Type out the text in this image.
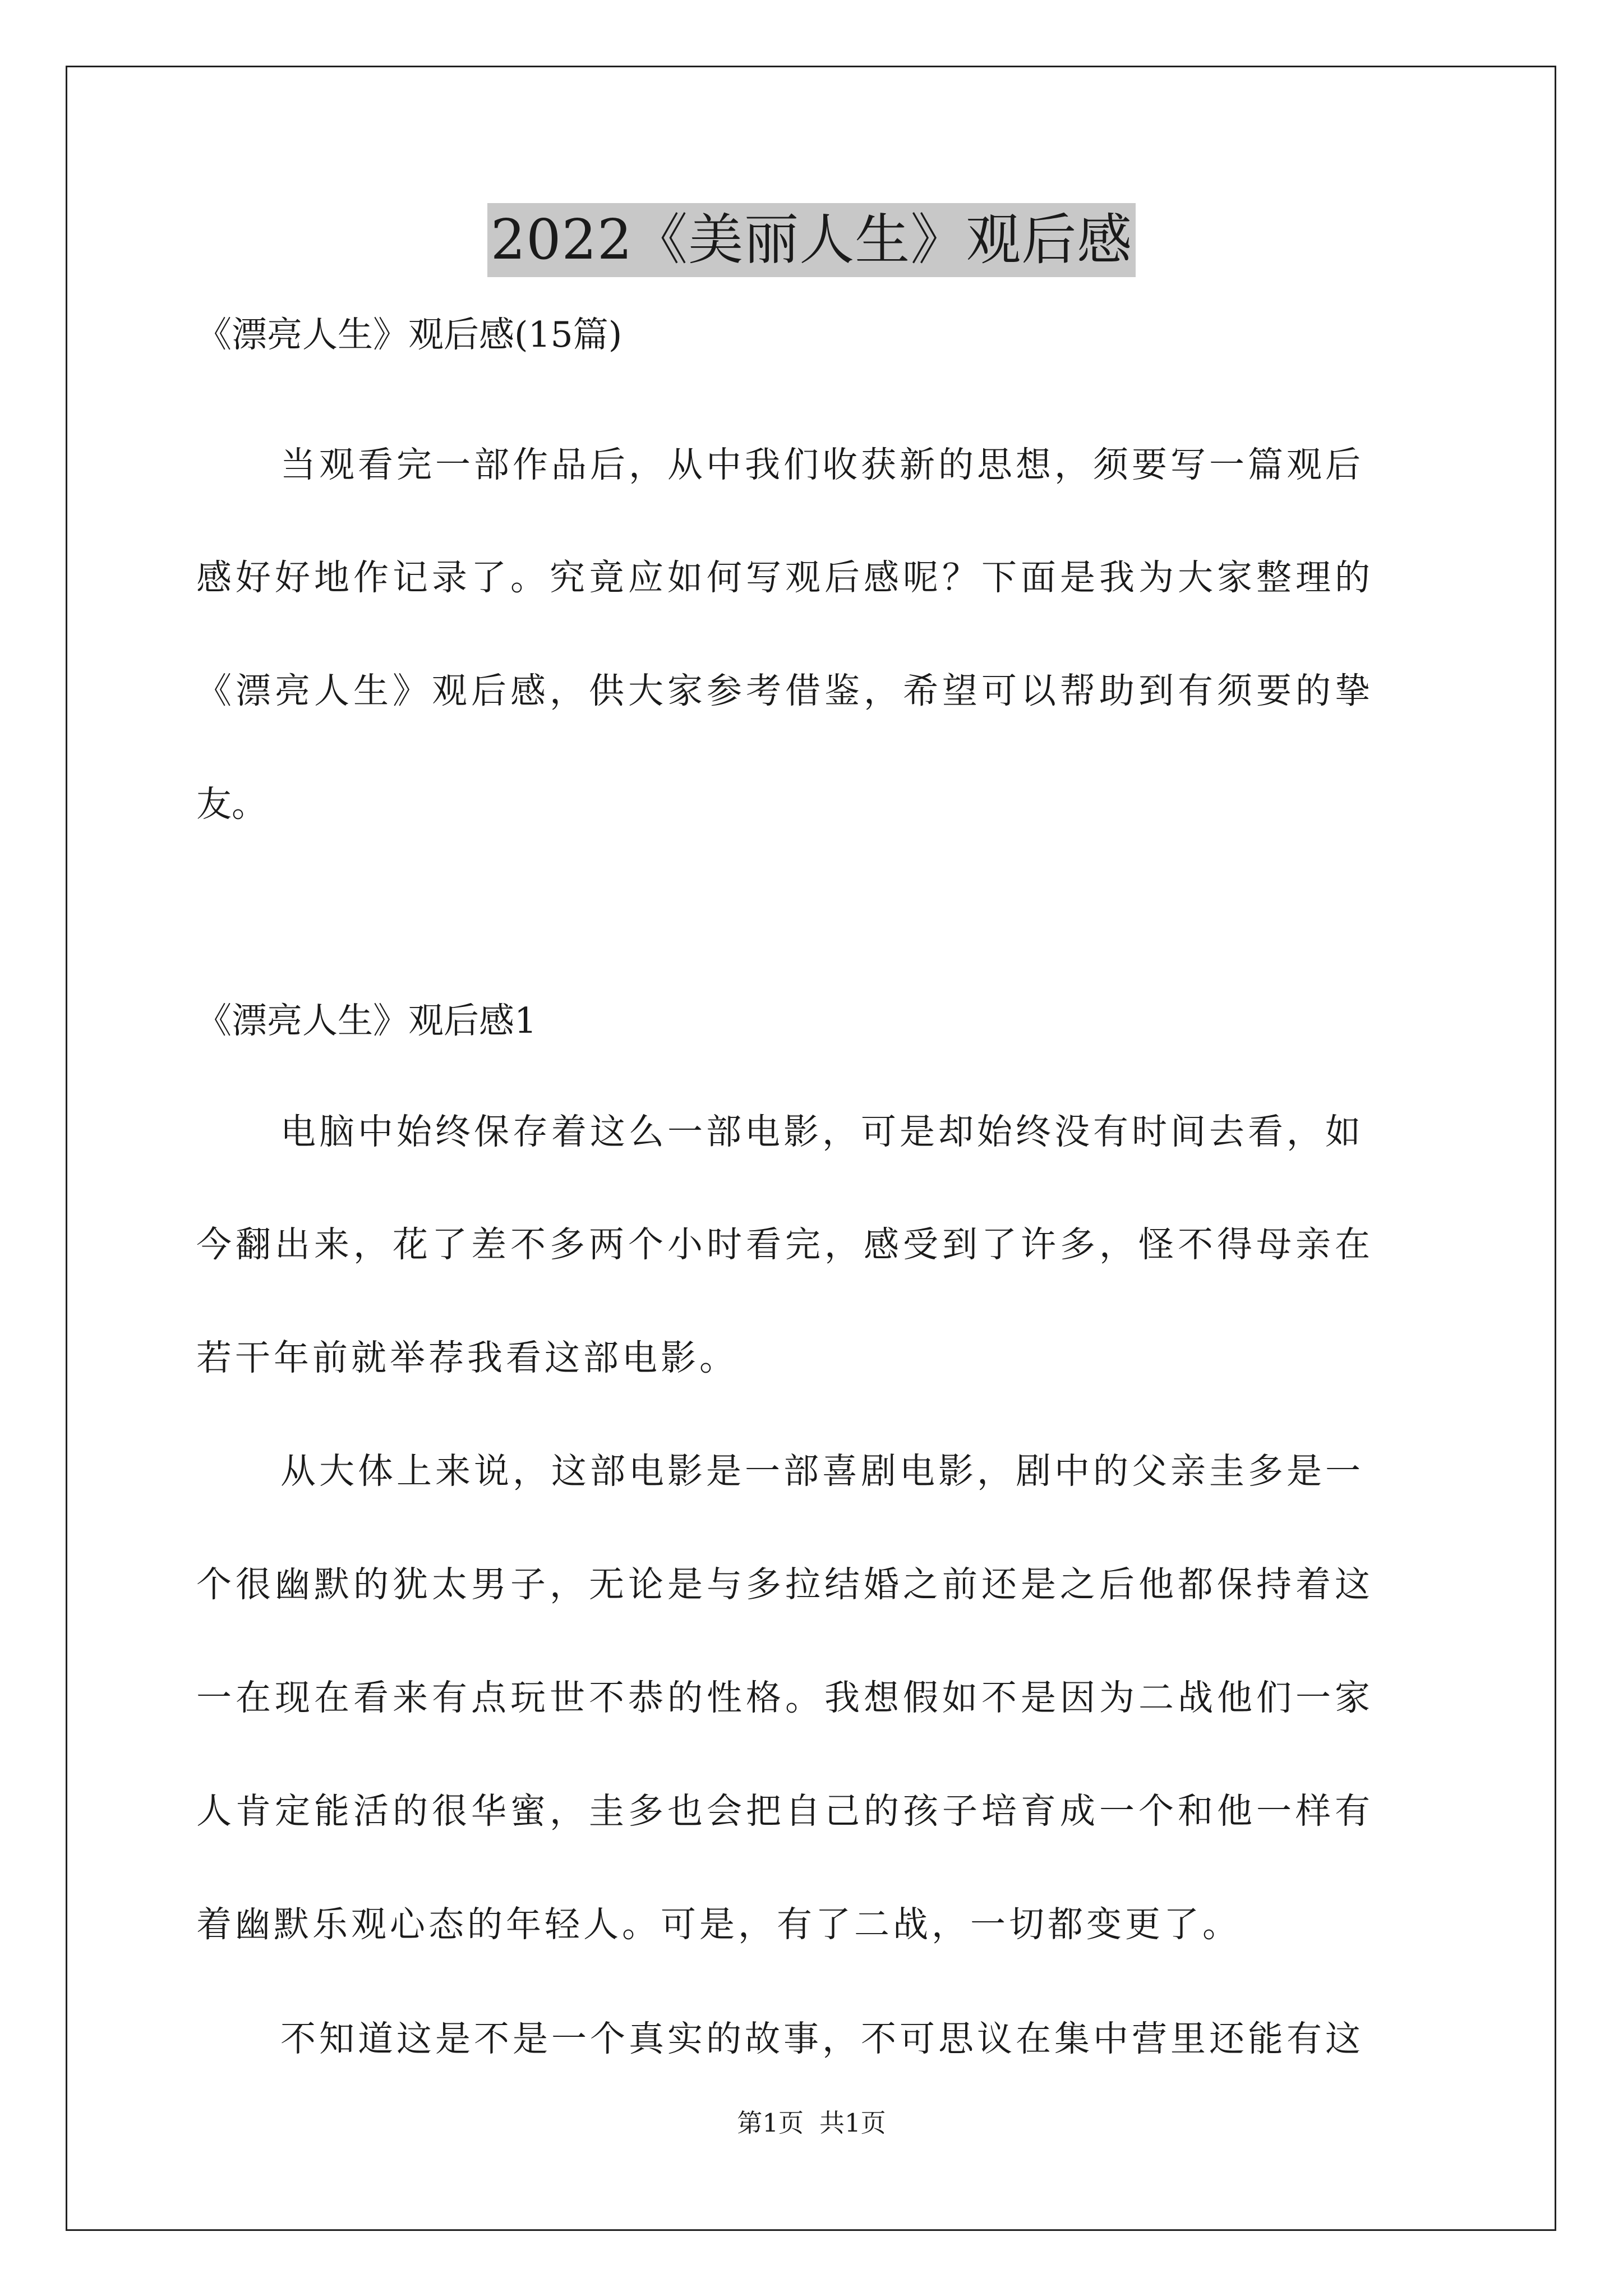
2022《美丽人生》观后感
《漂亮人生》观后感(15篇)
当观看完一部作品后，从中我们收获新的思想，须要写一篇观后
感好好地作记录了。究竟应如何写观后感呢？下面是我为大家整理的
《漂亮人生》观后感，供大家参考借鉴，希望可以帮助到有须要的挚
友。
《漂亮人生》观后感1
电脑中始终保存着这么一部电影，可是却始终没有时间去看，如
今翻出来，花了差不多两个小时看完，感受到了许多，怪不得母亲在
若干年前就举荐我看这部电影。
从大体上来说，这部电影是一部喜剧电影，剧中的父亲圭多是一
个很幽默的犹太男子，无论是与多拉结婚之前还是之后他都保持着这
一在现在看来有点玩世不恭的性格。我想假如不是因为二战他们一家
人肯定能活的很华蜜，圭多也会把自己的孩子培育成一个和他一样有
着幽默乐观心态的年轻人。可是，有了二战，一切都变更了。
不知道这是不是一个真实的故事，不可思议在集中营里还能有这
第1页 共1页
